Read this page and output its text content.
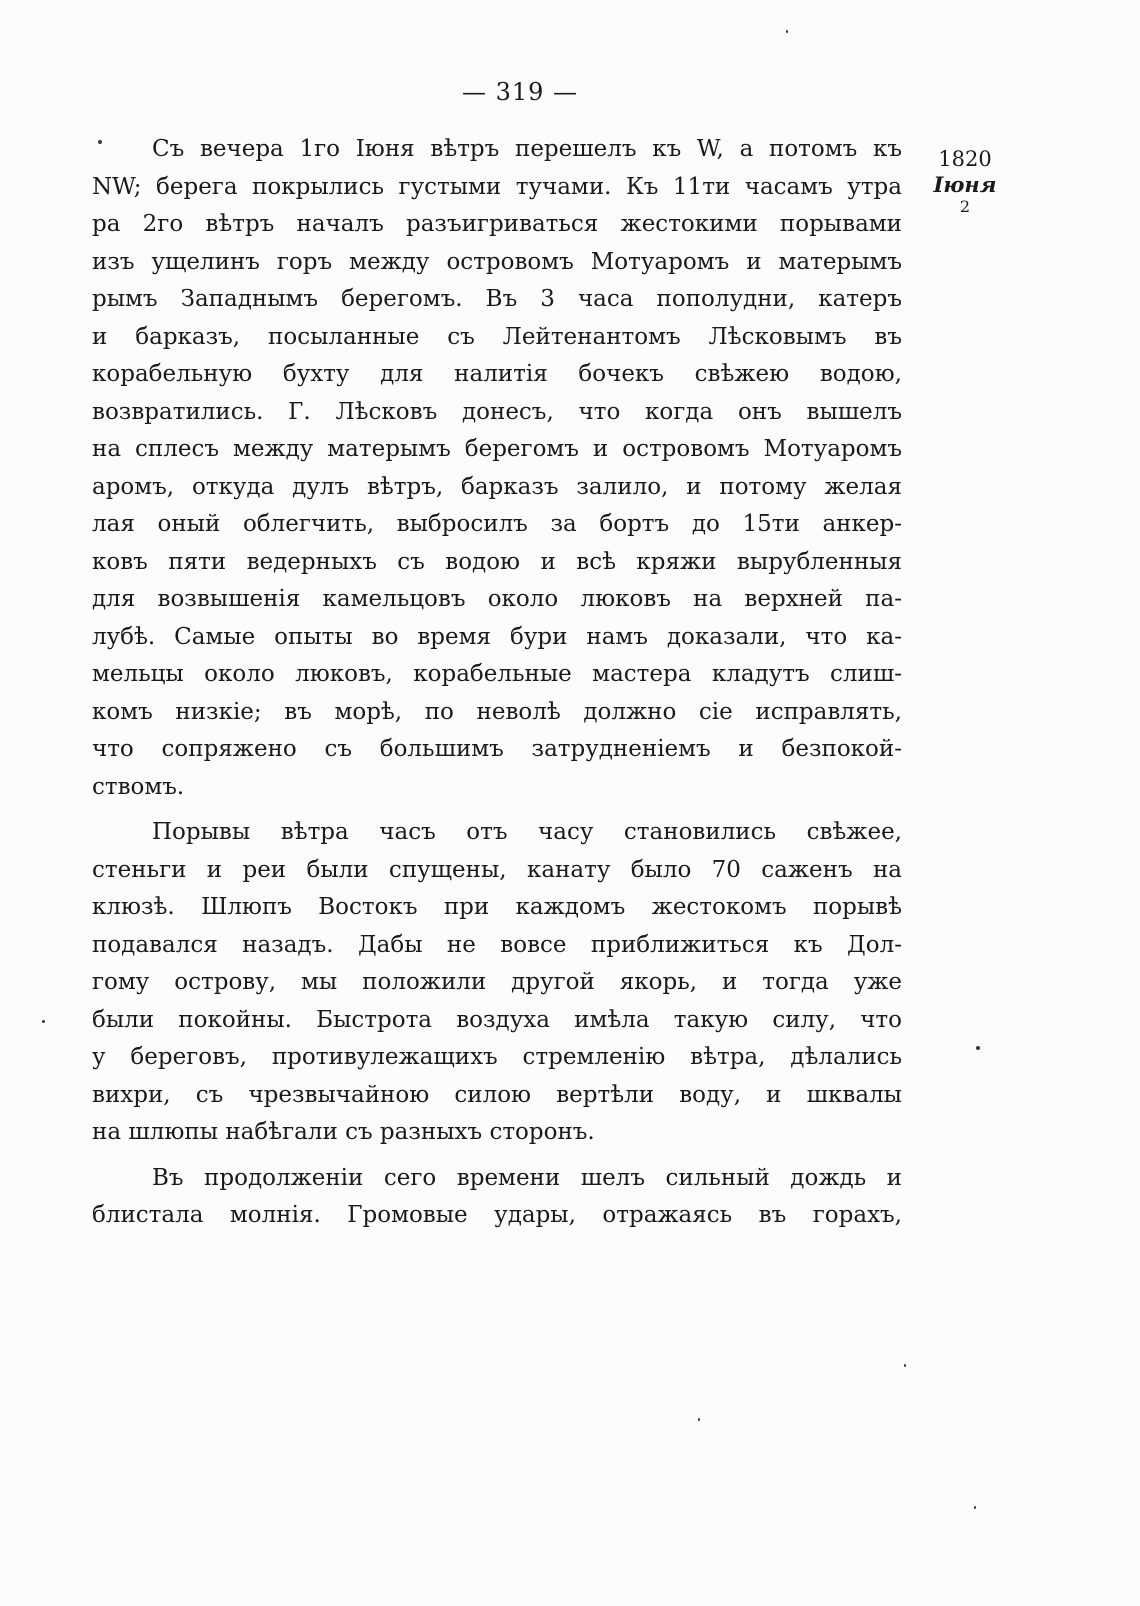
— 319 —
1820
Iюня
2
Съ вечера 1го Iюня вѣтръ перешелъ къ W, а потомъ къ
NW; берега покрылись густыми тучами. Къ 11ти часамъ утра
ра 2го вѣтръ началъ разъигриваться жестокими порывами
изъ ущелинъ горъ между островомъ Мотуаромъ и матерымъ
рымъ Западнымъ берегомъ. Въ 3 часа пополудни, катеръ
и барказъ, посыланные съ Лейтенантомъ Лѣсковымъ въ
корабельную бухту для налитiя бочекъ свѣжею водою,
возвратились. Г. Лѣсковъ донесъ, что когда онъ вышелъ
на сплесъ между матерымъ берегомъ и островомъ Мотуаромъ
аромъ, откуда дулъ вѣтръ, барказъ залило, и потому желая
лая оный облегчить, выбросилъ за бортъ до 15ти анкер-
ковъ пяти ведерныхъ съ водою и всѣ кряжи вырубленныя
для возвышенiя камельцовъ около люковъ на верхней па-
лубѣ. Самые опыты во время бури намъ доказали, что ка-
мельцы около люковъ, корабельные мастера кладутъ слиш-
комъ низкiе; въ морѣ, по неволѣ должно сiе исправлять,
что сопряжено съ большимъ затрудненiемъ и безпокой-
ствомъ.
Порывы вѣтра часъ отъ часу становились свѣжее,
стеньги и реи были спущены, канату было 70 саженъ на
клюзѣ. Шлюпъ Востокъ при каждомъ жестокомъ порывѣ
подавался назадъ. Дабы не вовсе приближиться къ Дол-
гому острову, мы положили другой якорь, и тогда уже
были покойны. Быстрота воздуха имѣла такую силу, что
у береговъ, противулежащихъ стремленiю вѣтра, дѣлались
вихри, съ чрезвычайною силою вертѣли воду, и шквалы
на шлюпы набѣгали съ разныхъ сторонъ.
Въ продолженiи сего времени шелъ сильный дождь и
блистала молнiя. Громовые удары, отражаясь въ горахъ,
